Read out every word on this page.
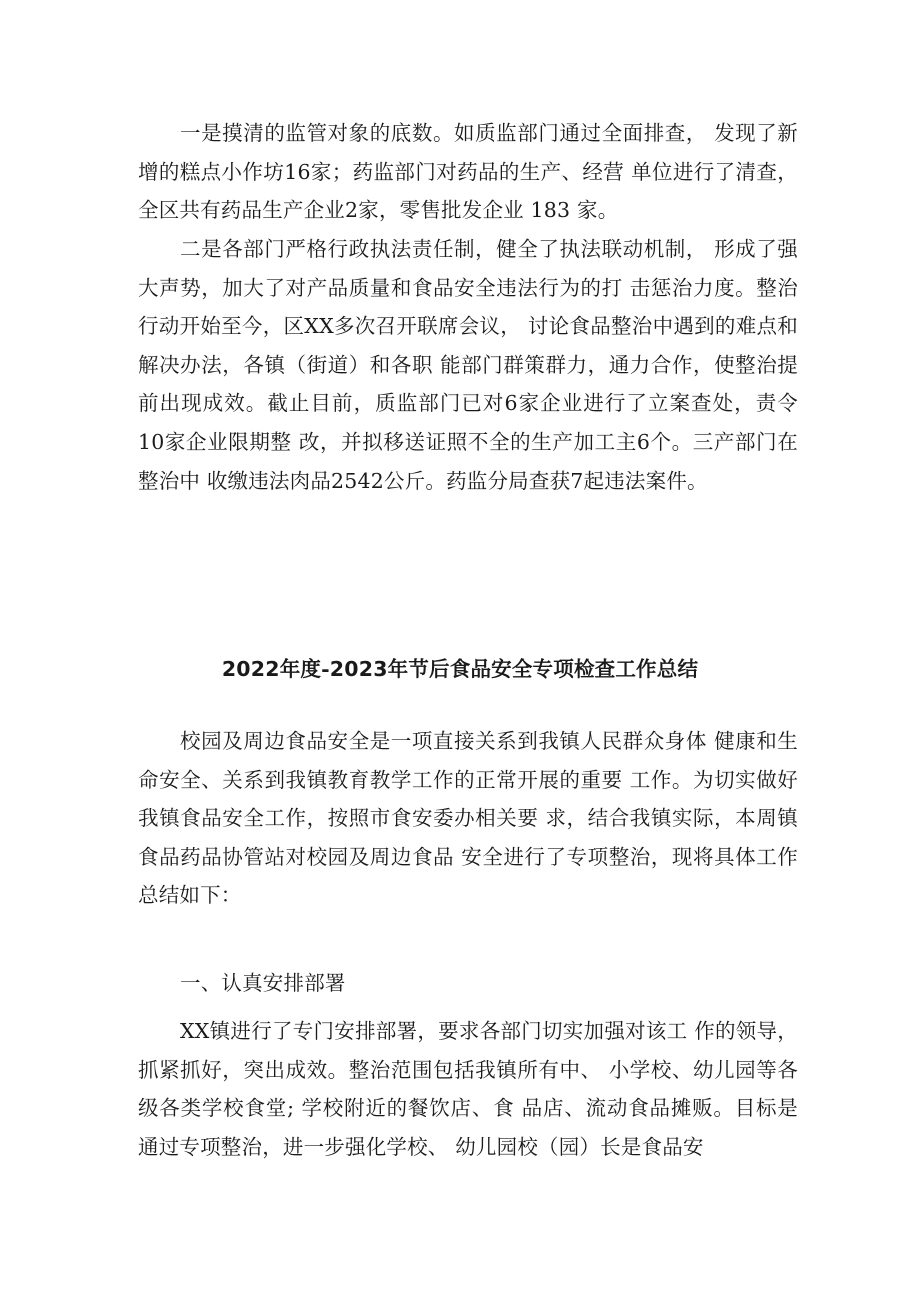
一是摸清的监管对象的底数。如质监部门通过全面排查， 发现了新增的糕点小作坊16家；药监部门对药品的生产、经营 单位进行了清查，全区共有药品生产企业2家，零售批发企业 183 家。

二是各部门严格行政执法责任制，健全了执法联动机制， 形成了强大声势，加大了对产品质量和食品安全违法行为的打 击惩治力度。整治行动开始至今，区XX多次召开联席会议， 讨论食品整治中遇到的难点和解决办法，各镇（街道）和各职 能部门群策群力，通力合作，使整治提前出现成效。截止目前，质监部门已对6家企业进行了立案查处，责令10家企业限期整 改，并拟移送证照不全的生产加工主6个。三产部门在整治中 收缴违法肉品2542公斤。药监分局查获7起违法案件。

2022年度-2023年节后食品安全专项检查工作总结

校园及周边食品安全是一项直接关系到我镇人民群众身体 健康和生命安全、关系到我镇教育教学工作的正常开展的重要 工作。为切实做好我镇食品安全工作，按照市食安委办相关要 求，结合我镇实际，本周镇食品药品协管站对校园及周边食品 安全进行了专项整治，现将具体工作总结如下：

一、认真安排部署

XX镇进行了专门安排部署，要求各部门切实加强对该工 作的领导，抓紧抓好，突出成效。整治范围包括我镇所有中、 小学校、幼儿园等各级各类学校食堂; 学校附近的餐饮店、食 品店、流动食品摊贩。目标是通过专项整治，进一步强化学校、 幼儿园校（园）长是食品安
